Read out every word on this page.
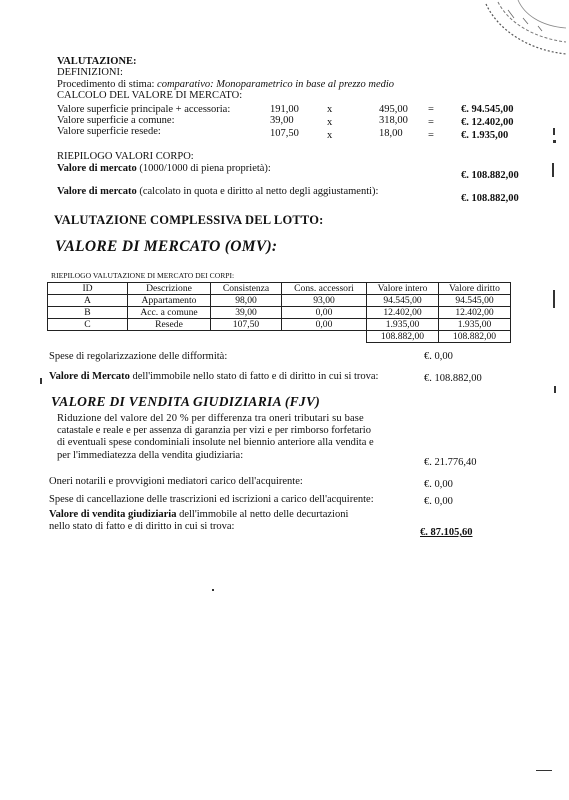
VALUTAZIONE:
DEFINIZIONI:
Procedimento di stima: comparativo: Monoparametrico in base al prezzo medio
CALCOLO DEL VALORE DI MERCATO:
Valore superficie principale + accessoria:	191,00	x	495,00 =	€. 94.545,00
Valore superficie a comune:	39,00	x	318,00 =	€. 12.402,00
Valore superficie resede:	107,50	x	18,00 =	€. 1.935,00
RIEPILOGO VALORI CORPO:
Valore di mercato (1000/1000 di piena proprietà):
€. 108.882,00
Valore di mercato (calcolato in quota e diritto al netto degli aggiustamenti):
€. 108.882,00
VALUTAZIONE COMPLESSIVA DEL LOTTO:
VALORE DI MERCATO (OMV):
RIEPILOGO VALUTAZIONE DI MERCATO DEI CORPI:
ID	Descrizione	Consistenza	Cons. accessori	Valore intero	Valore diritto
A	Appartamento	98,00	93,00	94.545,00	94.545,00
B	Acc. a comune	39,00	0,00	12.402,00	12.402,00
C	Resede	107,50	0,00	1.935,00	1.935,00
				108.882,00	108.882,00
Spese di regolarizzazione delle difformità:	€. 0,00
Valore di Mercato dell'immobile nello stato di fatto e di diritto in cui si trova:	€. 108.882,00
VALORE DI VENDITA GIUDIZIARIA (FJV)
Riduzione del valore del 20 % per differenza tra oneri tributari su base
catastale e reale e per assenza di garanzia per vizi e per rimborso forfetario
di eventuali spese condominiali insolute nel biennio anteriore alla vendita e
per l'immediatezza della vendita giudiziaria:
€. 21.776,40
Oneri notarili e provvigioni mediatori carico dell'acquirente:	€. 0,00
Spese di cancellazione delle trascrizioni ed iscrizioni a carico dell'acquirente:	€. 0,00
Valore di vendita giudiziaria dell'immobile al netto delle decurtazioni
nello stato di fatto e di diritto in cui si trova:
€. 87.105,60
